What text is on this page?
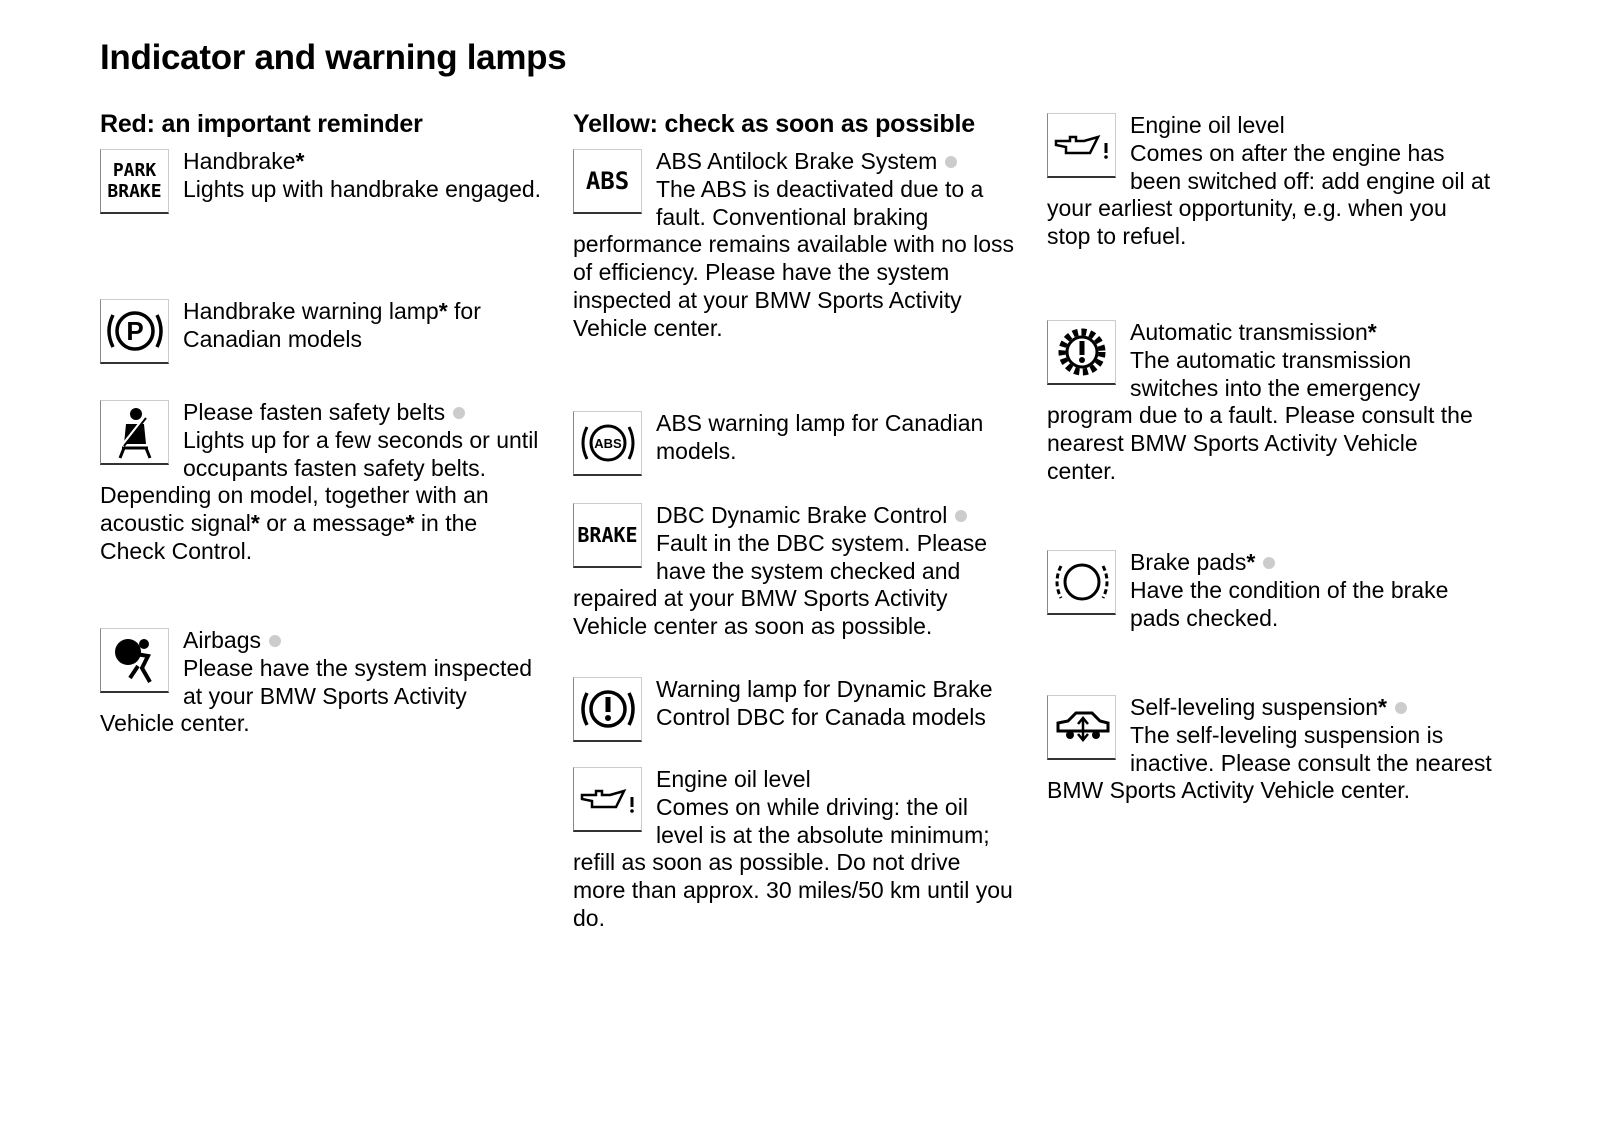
Indicator and warning lamps
Red: an important reminder	Yellow: check as soon as possible
PARK
BRAKE
Handbrake*
Lights up with handbrake engaged.
P
Handbrake warning lamp* for Canadian models
Please fasten safety belts
Lights up for a few seconds or until occupants fasten safety belts. Depending on model, together with an acoustic signal* or a message* in the Check Control.
Airbags
Please have the system inspected at your BMW Sports Activity Vehicle center.
ABS
ABS Antilock Brake System
The ABS is deactivated due to a fault. Conventional braking performance remains available with no loss of efficiency. Please have the system inspected at your BMW Sports Activity Vehicle center.
ABS
ABS warning lamp for Canadian models.
BRAKE
DBC Dynamic Brake Control
Fault in the DBC system. Please have the system checked and repaired at your BMW Sports Activity Vehicle center as soon as possible.
Warning lamp for Dynamic Brake Control DBC for Canada models
Engine oil level
Comes on while driving: the oil level is at the absolute minimum; refill as soon as possible. Do not drive more than approx. 30 miles/50 km until you do.
Engine oil level
Comes on after the engine has been switched off: add engine oil at your earliest opportunity, e.g. when you stop to refuel.
Automatic transmission*
The automatic transmission switches into the emergency program due to a fault. Please consult the nearest BMW Sports Activity Vehicle center.
Brake pads*
Have the condition of the brake pads checked.
Self-leveling suspension*
The self-leveling suspension is inactive. Please consult the nearest BMW Sports Activity Vehicle center.
